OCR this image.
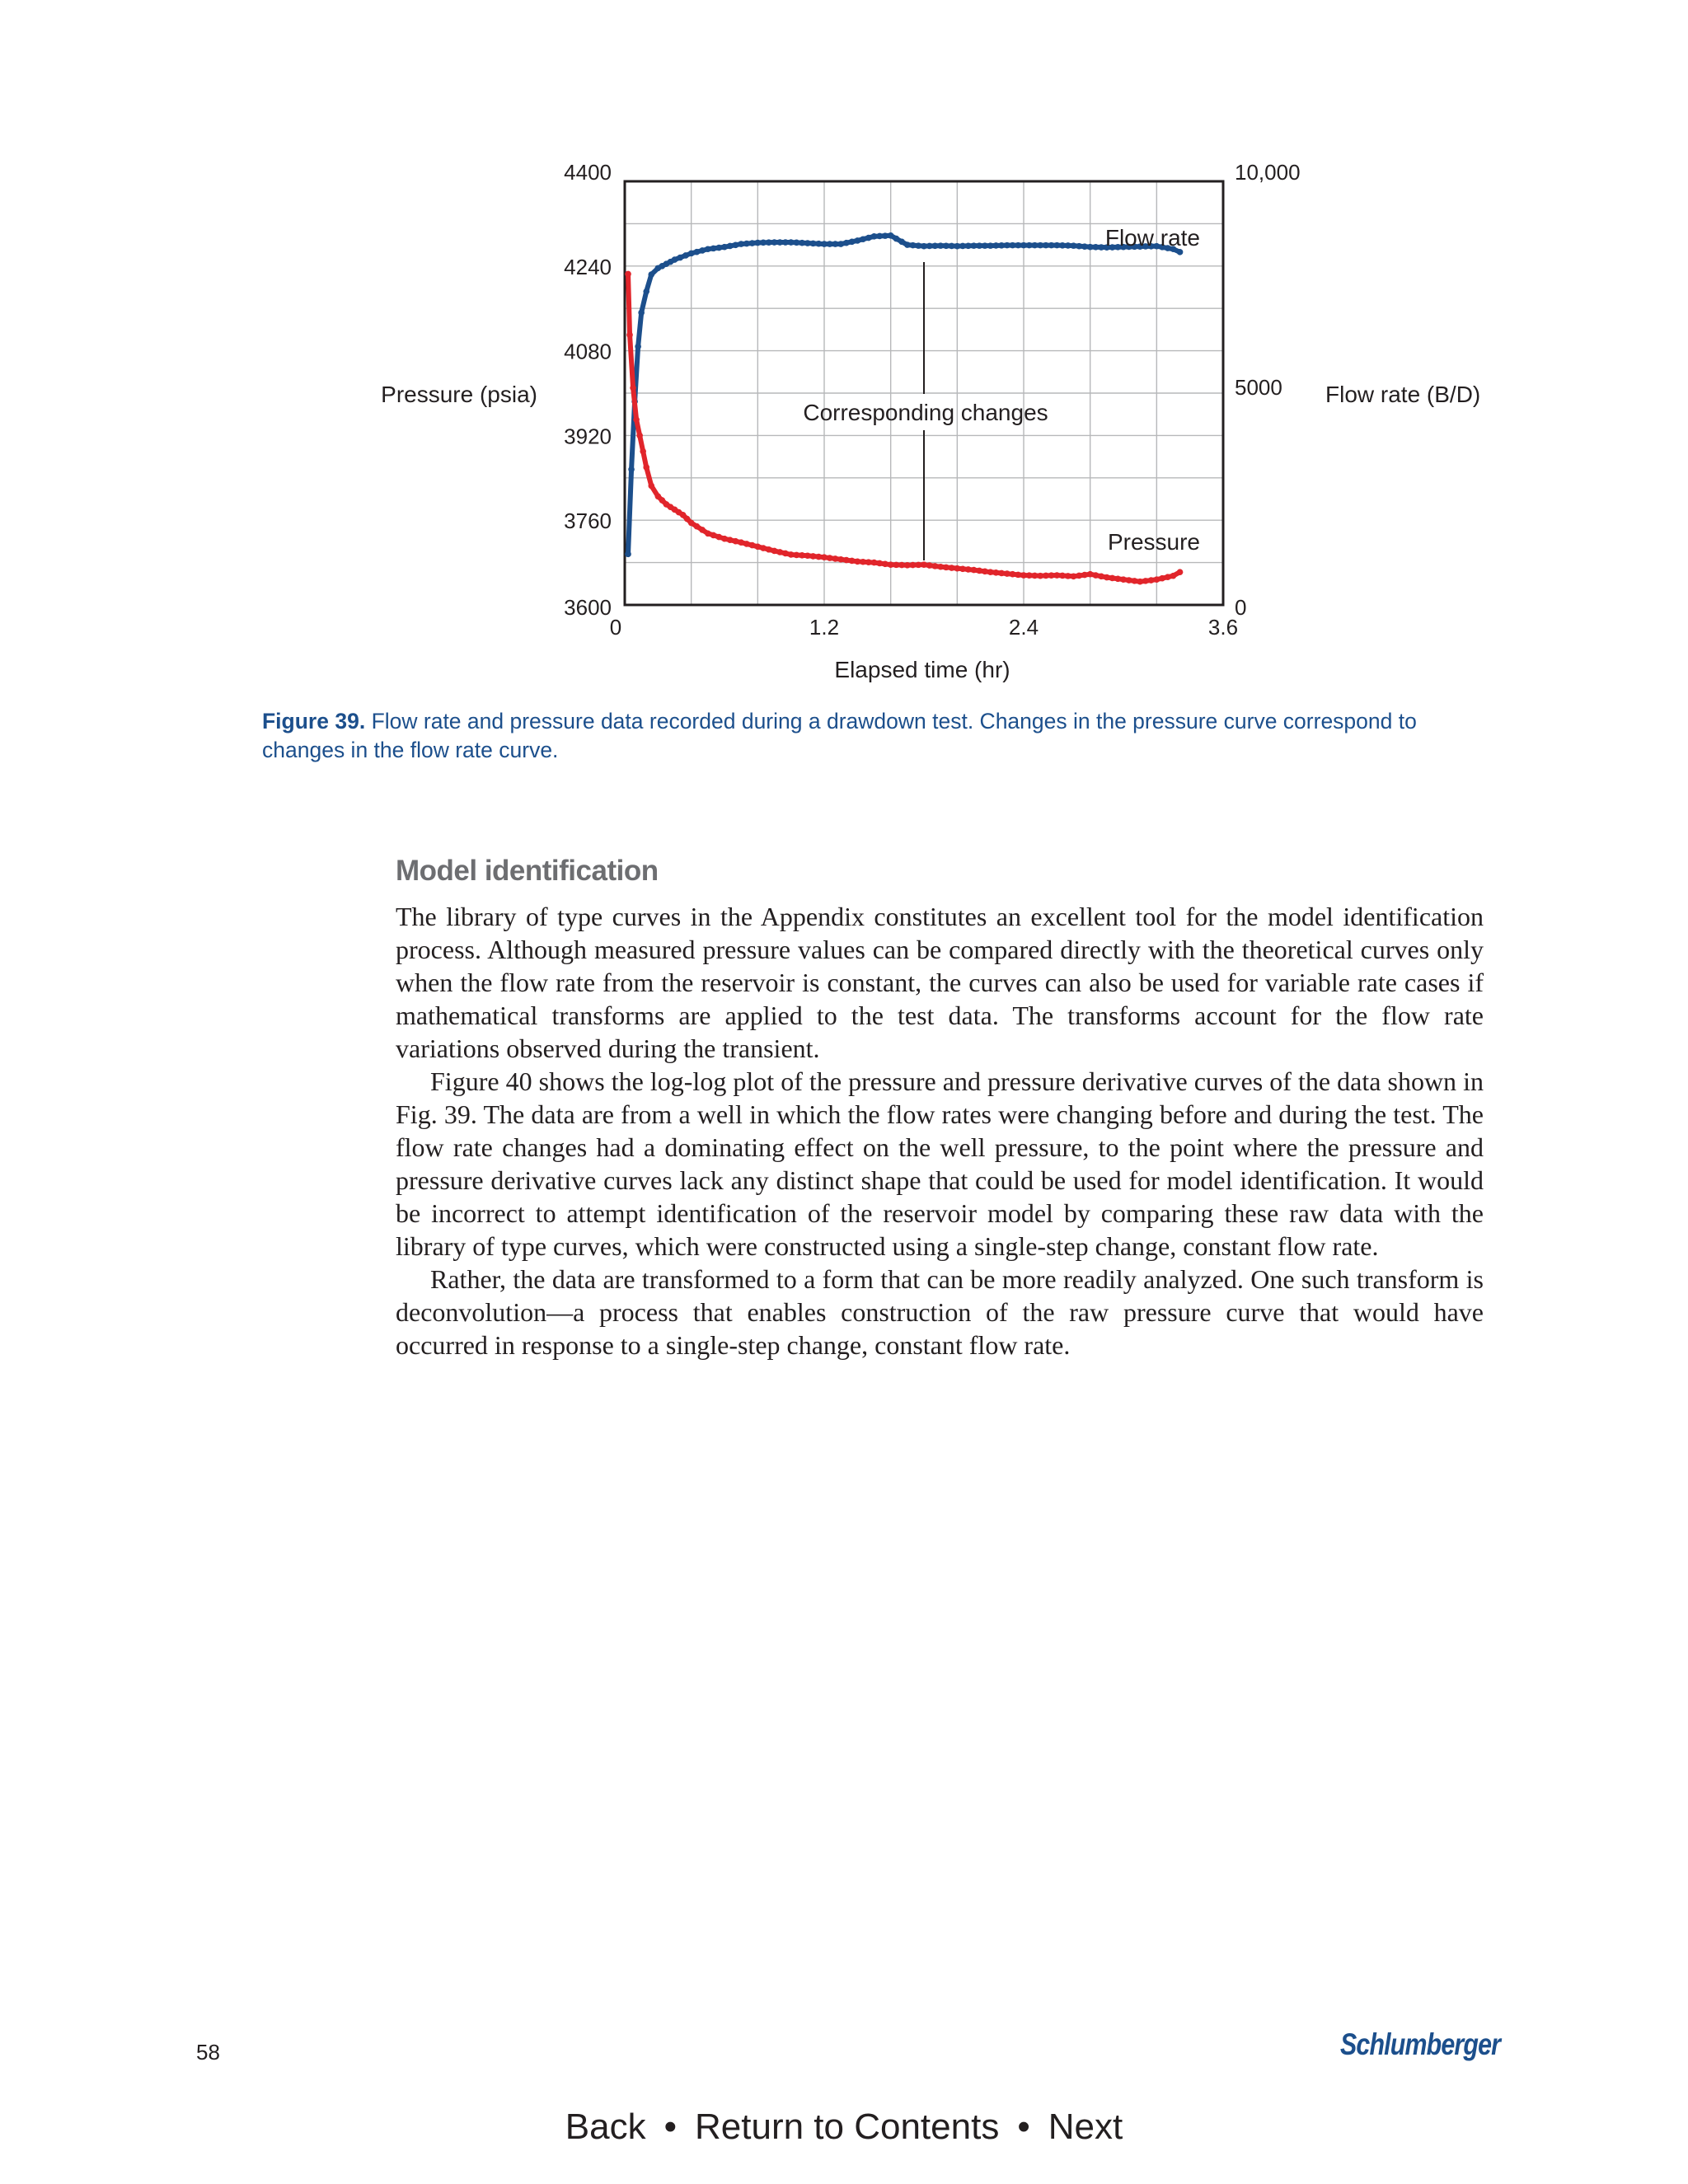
0	1.2	2.4	3.6
3600
3760
3920
4080
4240
4400
0
5000
10,000
Corresponding changes
Elapsed time (hr)
Pressure (psia)	Flow rate (B/D)
Flow rate
Pressure
Figure 39. Flow rate and pressure data recorded during a drawdown test. Changes in the pressure curve correspond to changes in the flow rate curve.
Model identification

The library of type curves in the Appendix constitutes an excellent tool for the model identification process. Although measured pressure values can be compared directly with the theoretical curves only when the flow rate from the reservoir is constant, the curves can also be used for variable rate cases if mathematical transforms are applied to the test data. The transforms account for the flow rate variations observed during the transient.

Figure 40 shows the log-log plot of the pressure and pressure derivative curves of the data shown in Fig. 39. The data are from a well in which the flow rates were changing before and during the test. The flow rate changes had a dominating effect on the well pressure, to the point where the pressure and pressure derivative curves lack any distinct shape that could be used for model identification. It would be incorrect to attempt identification of the reservoir model by comparing these raw data with the library of type curves, which were constructed using a single-step change, constant flow rate.

Rather, the data are transformed to a form that can be more readily analyzed. One such transform is deconvolution—a process that enables construction of the raw pressure curve that would have occurred in response to a single-step change, constant flow rate.

58	Schlumberger
Back • Return to Contents • Next
